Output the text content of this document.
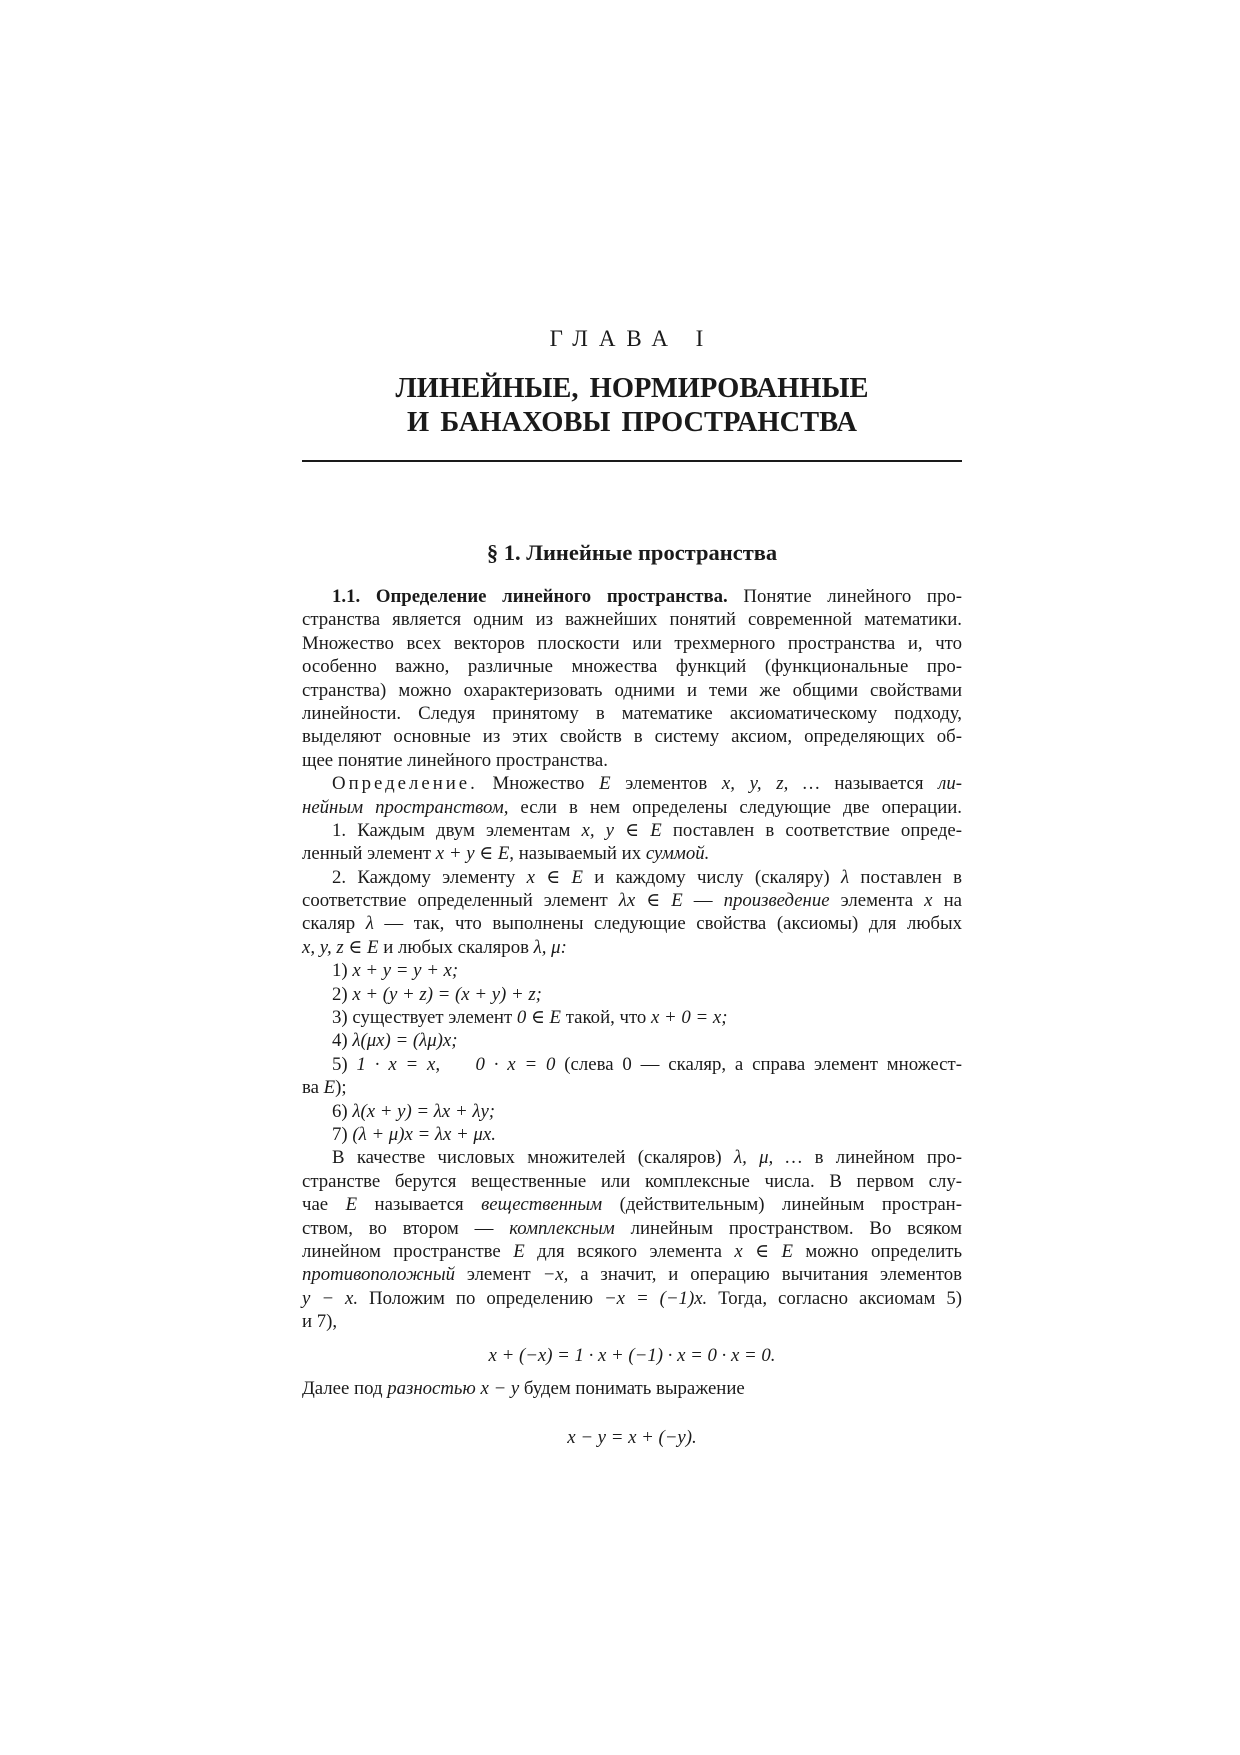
ГЛАВА I
ЛИНЕЙНЫЕ, НОРМИРОВАННЫЕ
И БАНАХОВЫ ПРОСТРАНСТВА
§ 1. Линейные пространства
1.1. Определение линейного пространства. Понятие линейного про-
странства является одним из важнейших понятий современной математики.
Множество всех векторов плоскости или трехмерного пространства и, что
особенно важно, различные множества функций (функциональные про-
странства) можно охарактеризовать одними и теми же общими свойствами
линейности. Следуя принятому в математике аксиоматическому подходу,
выделяют основные из этих свойств в систему аксиом, определяющих об-
щее понятие линейного пространства.
Определение. Множество E элементов x, y, z, … называется ли-
нейным пространством, если в нем определены следующие две операции.
1. Каждым двум элементам x, y ∈ E поставлен в соответствие опреде-
ленный элемент x + y ∈ E, называемый их суммой.
2. Каждому элементу x ∈ E и каждому числу (скаляру) λ поставлен в
соответствие определенный элемент λx ∈ E — произведение элемента x на
скаляр λ — так, что выполнены следующие свойства (аксиомы) для любых
x, y, z ∈ E и любых скаляров λ, μ:
1) x + y = y + x;
2) x + (y + z) = (x + y) + z;
3) существует элемент 0 ∈ E такой, что x + 0 = x;
4) λ(μx) = (λμ)x;
5) 1 · x = x,    0 · x = 0 (слева 0 — скаляр, а справа элемент множест-
ва E);
6) λ(x + y) = λx + λy;
7) (λ + μ)x = λx + μx.
В качестве числовых множителей (скаляров) λ, μ, … в линейном про-
странстве берутся вещественные или комплексные числа. В первом слу-
чае E называется вещественным (действительным) линейным простран-
ством, во втором — комплексным линейным пространством. Во всяком
линейном пространстве E для всякого элемента x ∈ E можно определить
противоположный элемент −x, а значит, и операцию вычитания элементов
y − x. Положим по определению −x = (−1)x. Тогда, согласно аксиомам 5)
и 7),
x + (−x) = 1 · x + (−1) · x = 0 · x = 0.
Далее под разностью x − y будем понимать выражение
x − y = x + (−y).
